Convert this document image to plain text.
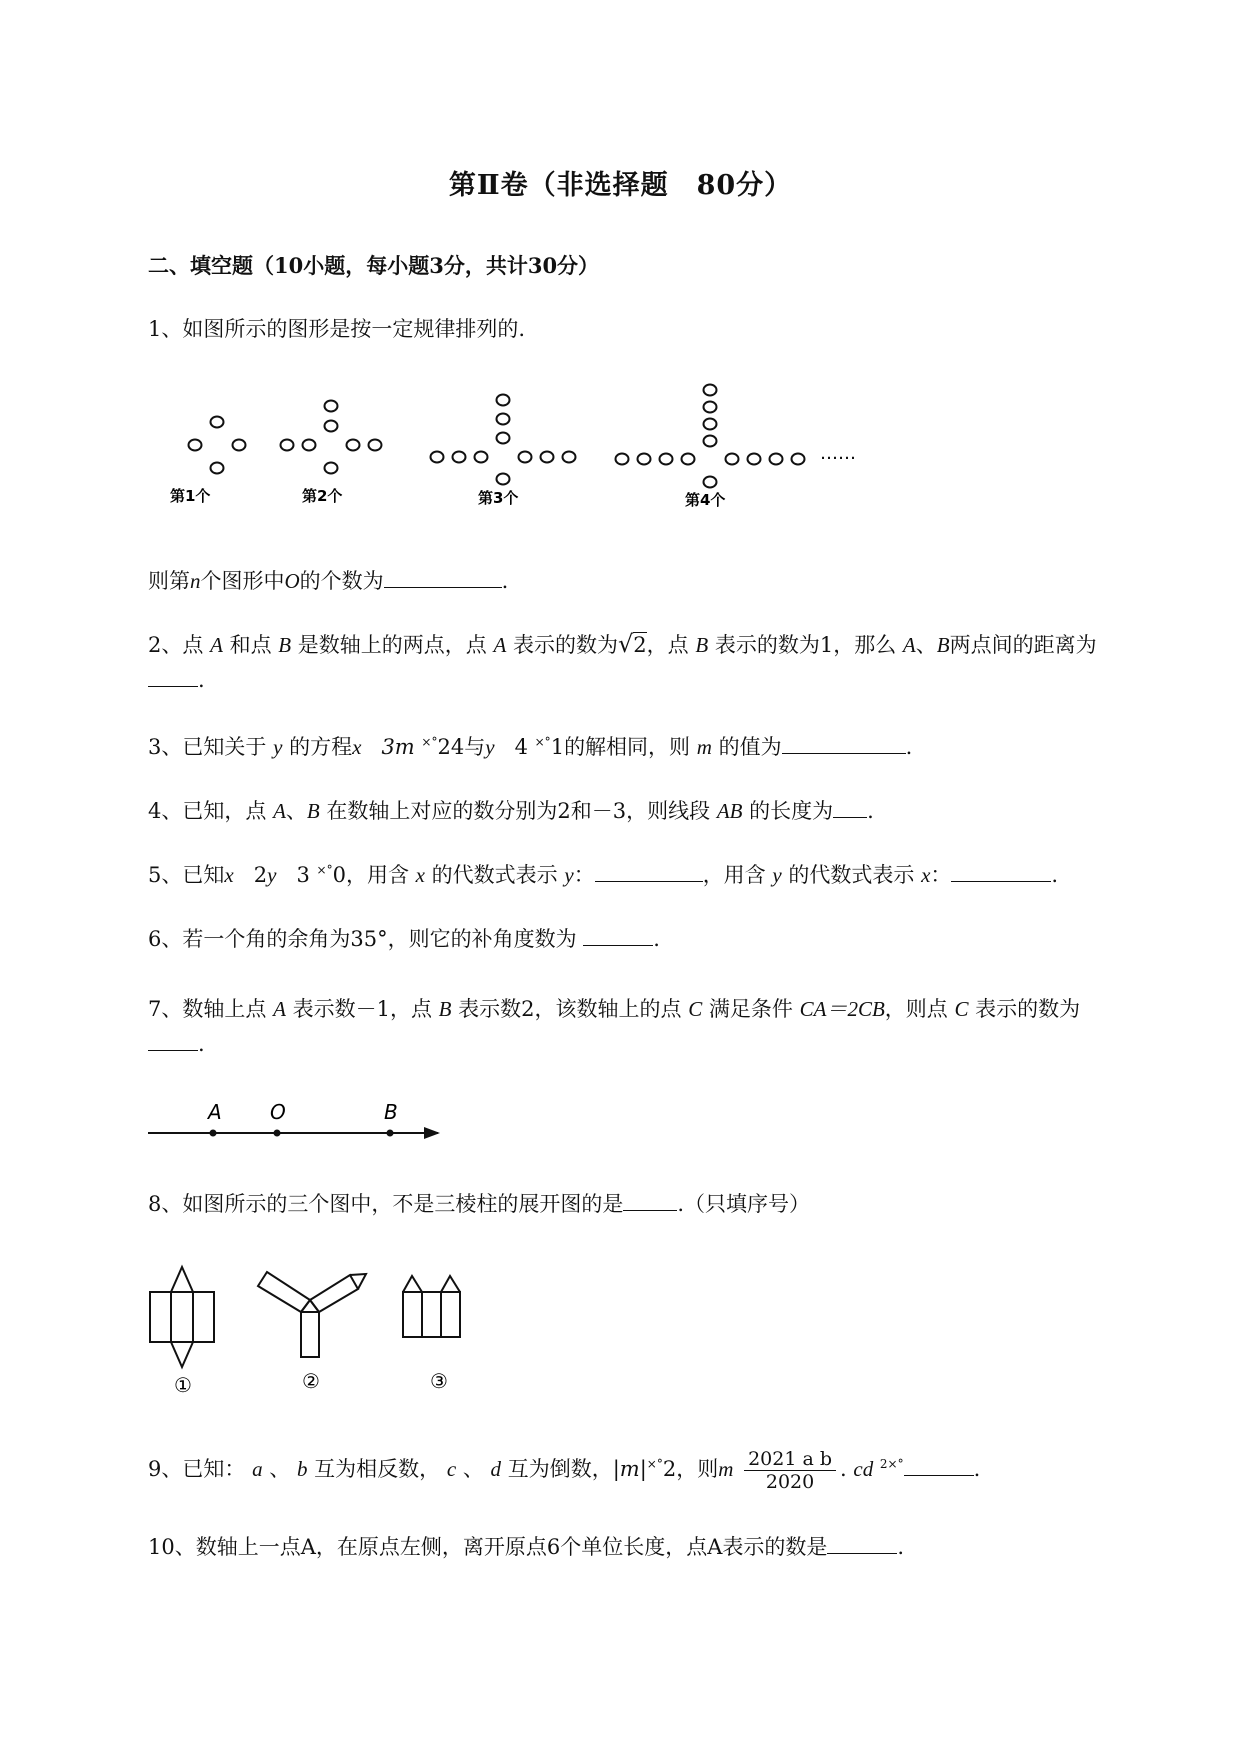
第Ⅱ卷（非选择题　80分）
二、填空题（10小题，每小题3分，共计30分）
1、如图所示的图形是按一定规律排列的.
……
第1个	第2个	第3个	第4个
则第n个图形中O的个数为	.
2、点 A 和点 B 是数轴上的两点，点 A 表示的数为√2，点 B 表示的数为1，那么 A、B两点间的距离为
.
3、已知关于 y 的方程x 3m ×°24与y 4 ×°1的解相同，则 m 的值为	.
4、已知，点 A、B 在数轴上对应的数分别为2和－3，则线段 AB 的长度为 .
5、已知x 2y 3 ×°0，用含 x 的代数式表示 y：	，用含 y 的代数式表示 x：	.
6、若一个角的余角为35°，则它的补角度数为	.
7、数轴上点 A 表示数－1，点 B 表示数2，该数轴上的点 C 满足条件 CA＝2CB，则点 C 表示的数为
.
A O	B
8、如图所示的三个图中，不是三棱柱的展开图的是	.（只填序号）
①	②	③
9、已知： a 、 b 互为相反数， c 、 d 互为倒数，|m|×°2，则m $\frac{\text{2021 a b}}{2020}$ . cd $^{2\times^\circ}$	.
10、数轴上一点A，在原点左侧，离开原点6个单位长度，点A表示的数是	.
